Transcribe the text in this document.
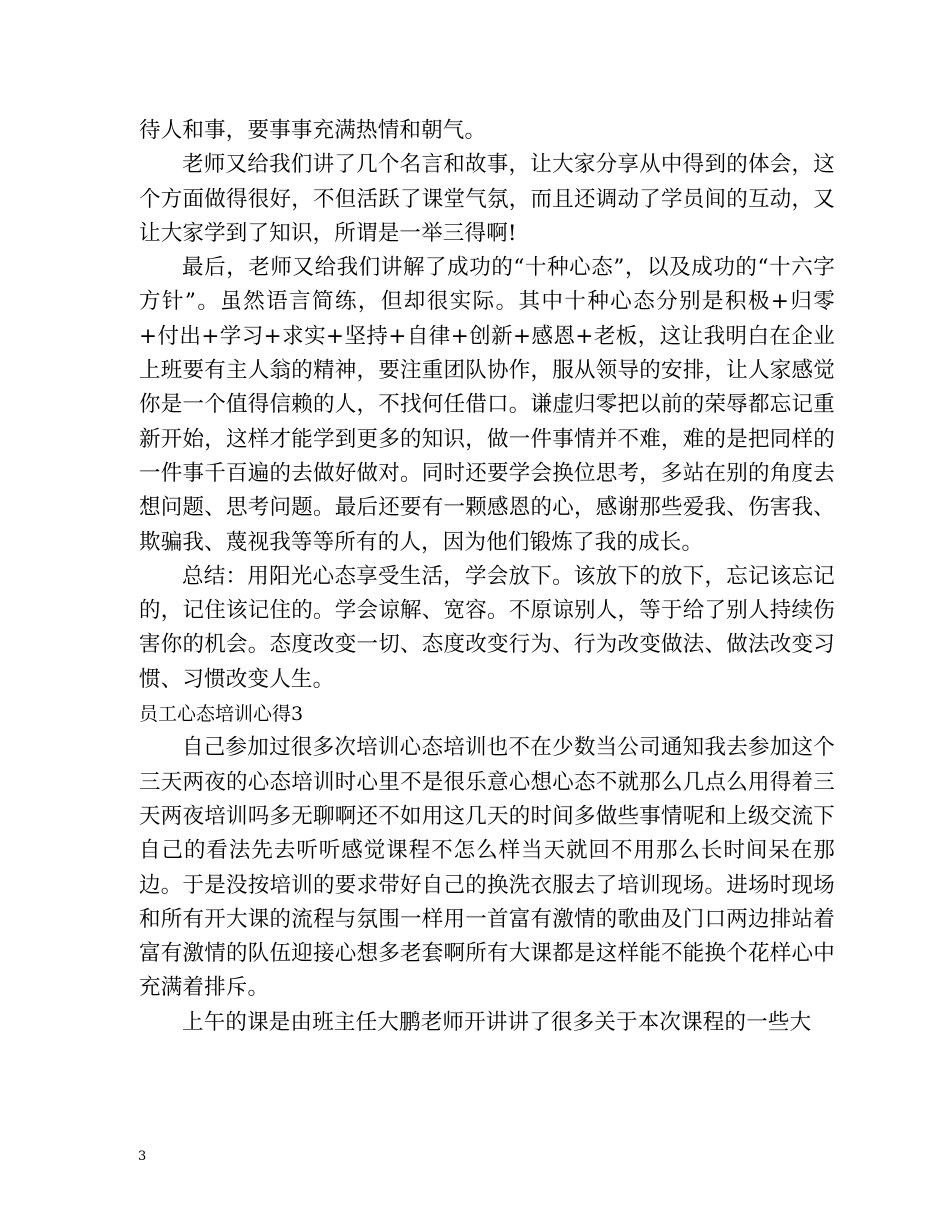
待人和事，要事事充满热情和朝气。

老师又给我们讲了几个名言和故事，让大家分享从中得到的体会，这个方面做得很好，不但活跃了课堂气氛，而且还调动了学员间的互动，又让大家学到了知识，所谓是一举三得啊!

最后，老师又给我们讲解了成功的“十种心态”，以及成功的“十六字方针”。虽然语言简练，但却很实际。其中十种心态分别是积极+归零+付出+学习+求实+坚持+自律+创新+感恩+老板，这让我明白在企业上班要有主人翁的精神，要注重团队协作，服从领导的安排，让人家感觉你是一个值得信赖的人，不找何任借口。谦虚归零把以前的荣辱都忘记重新开始，这样才能学到更多的知识，做一件事情并不难，难的是把同样的一件事千百遍的去做好做对。同时还要学会换位思考，多站在别的角度去想问题、思考问题。最后还要有一颗感恩的心，感谢那些爱我、伤害我、欺骗我、蔑视我等等所有的人，因为他们锻炼了我的成长。

总结：用阳光心态享受生活，学会放下。该放下的放下，忘记该忘记的，记住该记住的。学会谅解、宽容。不原谅别人，等于给了别人持续伤害你的机会。态度改变一切、态度改变行为、行为改变做法、做法改变习惯、习惯改变人生。

员工心态培训心得3

自己参加过很多次培训心态培训也不在少数当公司通知我去参加这个三天两夜的心态培训时心里不是很乐意心想心态不就那么几点么用得着三天两夜培训吗多无聊啊还不如用这几天的时间多做些事情呢和上级交流下自己的看法先去听听感觉课程不怎么样当天就回不用那么长时间呆在那边。于是没按培训的要求带好自己的换洗衣服去了培训现场。进场时现场和所有开大课的流程与氛围一样用一首富有激情的歌曲及门口两边排站着富有激情的队伍迎接心想多老套啊所有大课都是这样能不能换个花样心中充满着排斥。

上午的课是由班主任大鹏老师开讲讲了很多关于本次课程的一些大

3
